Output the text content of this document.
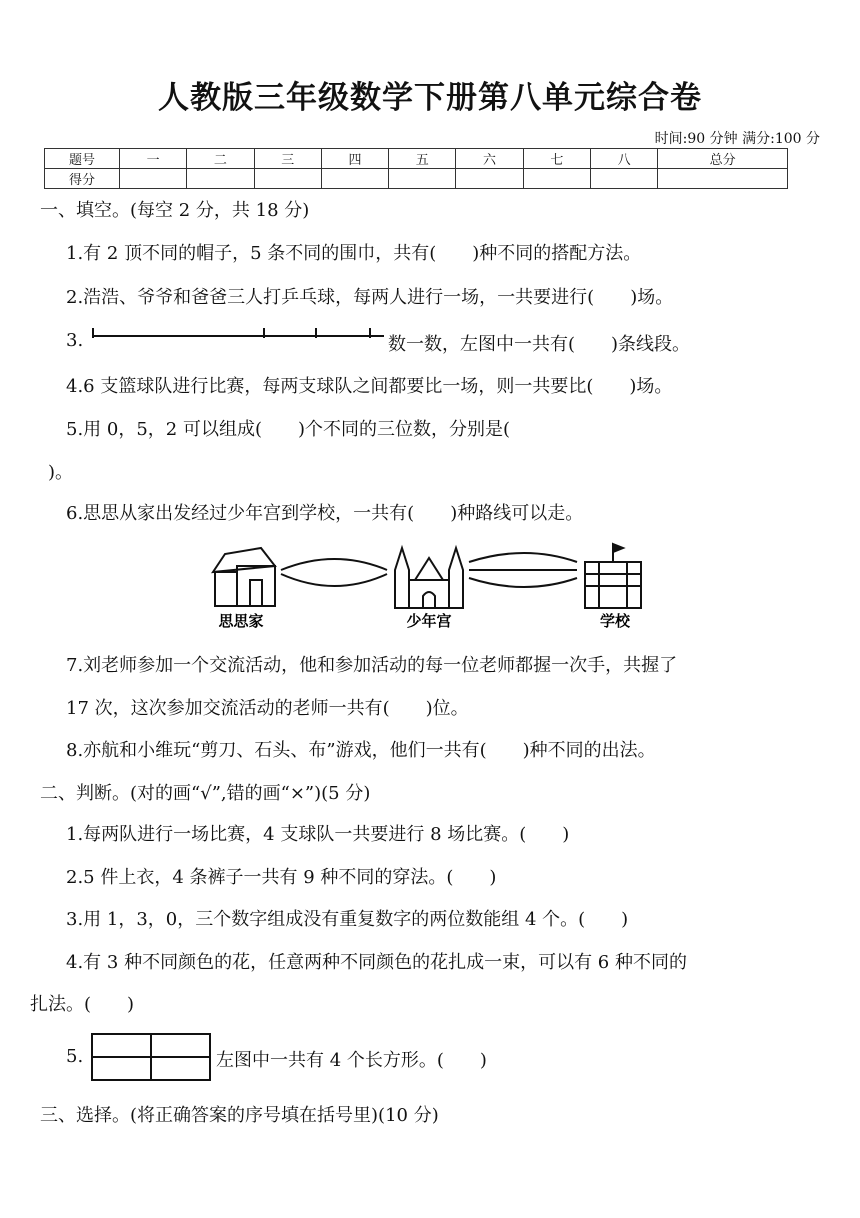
人教版三年级数学下册第八单元综合卷
时间:90 分钟 满分:100 分
题号	一	二	三	四	五	六	七	八	总分
得分									
一、填空。(每空 2 分，共 18 分)
1.有 2 顶不同的帽子，5 条不同的围巾，共有(　　)种不同的搭配方法。
2.浩浩、爷爷和爸爸三人打乒乓球，每两人进行一场，一共要进行(　　)场。
3.	数一数，左图中一共有(　　)条线段。
4.6 支篮球队进行比赛，每两支球队之间都要比一场，则一共要比(　　)场。
5.用 0，5，2 可以组成(　　)个不同的三位数，分别是(
)。
6.思思从家出发经过少年宫到学校，一共有(　　)种路线可以走。
思思家	少年宫	学校
7.刘老师参加一个交流活动，他和参加活动的每一位老师都握一次手，共握了
17 次，这次参加交流活动的老师一共有(　　)位。
8.亦航和小维玩“剪刀、石头、布”游戏，他们一共有(　　)种不同的出法。
二、判断。(对的画“√”,错的画“×”)(5 分)
1.每两队进行一场比赛，4 支球队一共要进行 8 场比赛。(　　)
2.5 件上衣，4 条裤子一共有 9 种不同的穿法。(　　)
3.用 1，3，0，三个数字组成没有重复数字的两位数能组 4 个。(　　)
4.有 3 种不同颜色的花，任意两种不同颜色的花扎成一束，可以有 6 种不同的
扎法。(　　)
5.	左图中一共有 4 个长方形。(　　)
三、选择。(将正确答案的序号填在括号里)(10 分)
